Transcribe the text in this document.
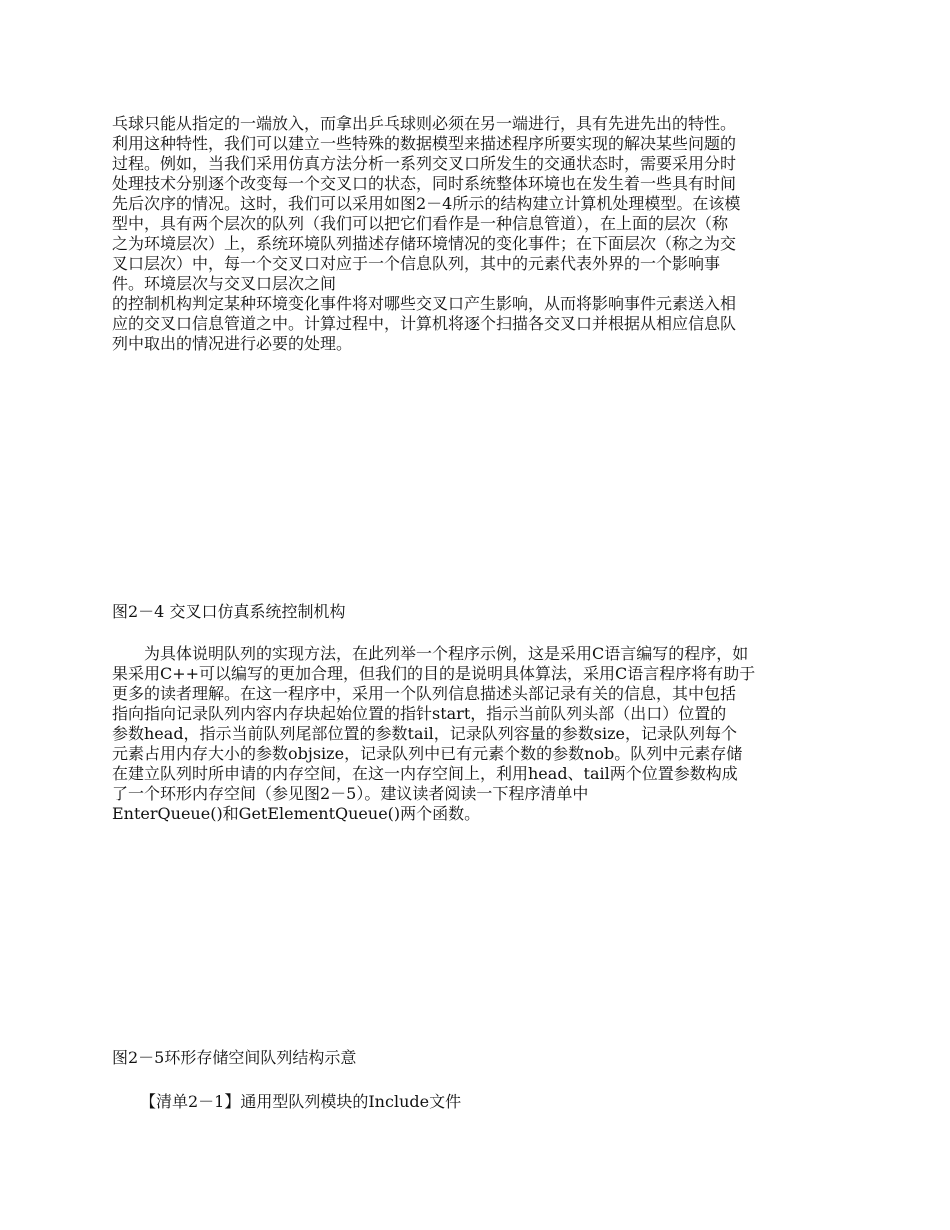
乓球只能从指定的一端放入，而拿出乒乓球则必须在另一端进行，具有先进先出的特性。
利用这种特性，我们可以建立一些特殊的数据模型来描述程序所要实现的解决某些问题的
过程。例如，当我们采用仿真方法分析一系列交叉口所发生的交通状态时，需要采用分时
处理技术分别逐个改变每一个交叉口的状态，同时系统整体环境也在发生着一些具有时间
先后次序的情况。这时，我们可以采用如图2－4所示的结构建立计算机处理模型。在该模
型中，具有两个层次的队列（我们可以把它们看作是一种信息管道），在上面的层次（称
之为环境层次）上，系统环境队列描述存储环境情况的变化事件；在下面层次（称之为交
叉口层次）中，每一个交叉口对应于一个信息队列，其中的元素代表外界的一个影响事
件。环境层次与交叉口层次之间
的控制机构判定某种环境变化事件将对哪些交叉口产生影响，从而将影响事件元素送入相
应的交叉口信息管道之中。计算过程中，计算机将逐个扫描各交叉口并根据从相应信息队
列中取出的情况进行必要的处理。
图2－4 交叉口仿真系统控制机构
　　为具体说明队列的实现方法，在此列举一个程序示例，这是采用C语言编写的程序，如
果采用C++可以编写的更加合理，但我们的目的是说明具体算法，采用C语言程序将有助于
更多的读者理解。在这一程序中，采用一个队列信息描述头部记录有关的信息，其中包括
指向指向记录队列内容内存块起始位置的指针start，指示当前队列头部（出口）位置的
参数head，指示当前队列尾部位置的参数tail，记录队列容量的参数size，记录队列每个
元素占用内存大小的参数objsize，记录队列中已有元素个数的参数nob。队列中元素存储
在建立队列时所申请的内存空间，在这一内存空间上，利用head、tail两个位置参数构成
了一个环形内存空间（参见图2－5）。建议读者阅读一下程序清单中
EnterQueue()和GetElementQueue()两个函数。
图2－5环形存储空间队列结构示意
【清单2－1】通用型队列模块的Include文件
